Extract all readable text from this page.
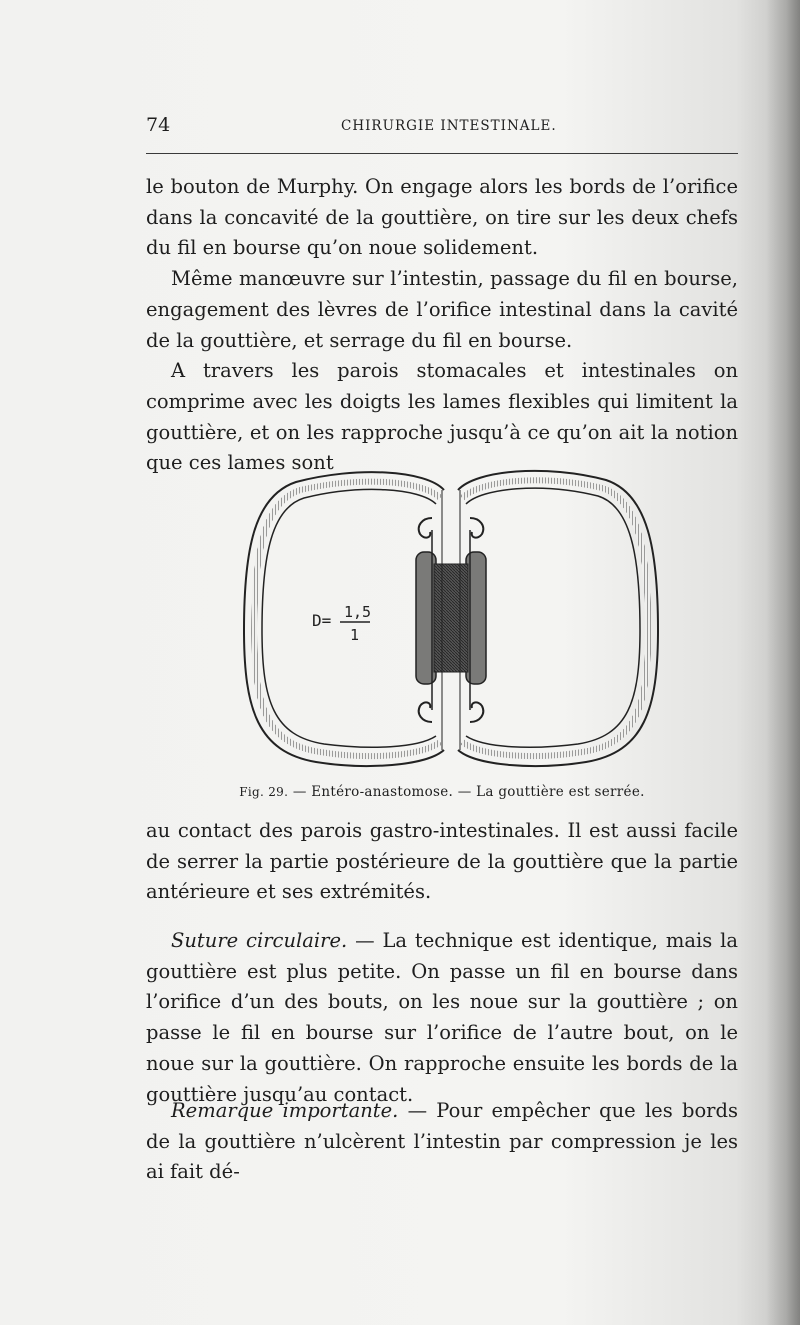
74	CHIRURGIE INTESTINALE.

le bouton de Murphy. On engage alors les bords de l’orifice dans la concavité de la gouttière, on tire sur les deux chefs du fil en bourse qu’on noue solidement.

Même manœuvre sur l’intestin, passage du fil en bourse, engagement des lèvres de l’orifice intestinal dans la cavité de la gouttière, et serrage du fil en bourse.

A travers les parois stomacales et intestinales on comprime avec les doigts les lames flexibles qui limitent la gouttière, et on les rapproche jusqu’à ce qu’on ait la notion que ces lames sont

D= 1,5
1
Fig. 29. — Entéro-anastomose. — La gouttière est serrée.

au contact des parois gastro-intestinales. Il est aussi facile de serrer la partie postérieure de la gouttière que la partie antérieure et ses extrémités.

Suture circulaire. — La technique est identique, mais la gouttière est plus petite. On passe un fil en bourse dans l’orifice d’un des bouts, on les noue sur la gouttière ; on passe le fil en bourse sur l’orifice de l’autre bout, on le noue sur la gouttière. On rapproche ensuite les bords de la gouttière jusqu’au contact.

Remarque importante. — Pour empêcher que les bords de la gouttière n’ulcèrent l’intestin par compression je les ai fait dé-
